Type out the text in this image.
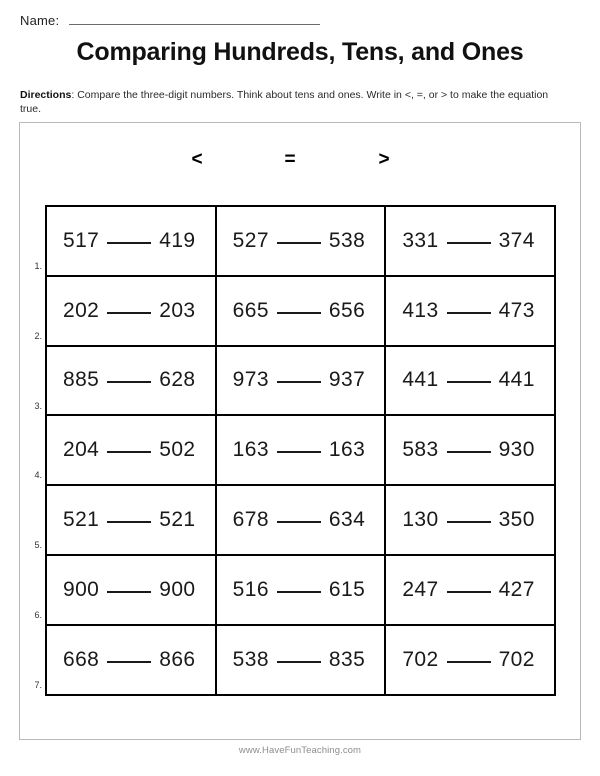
Name:
Comparing Hundreds, Tens, and Ones
Directions: Compare the three-digit numbers. Think about tens and ones. Write in <, =, or > to make the equation true.
<	=	>
1.
2.
3.
4.
5.
6.
7.
517 419	527 538	331 374
202 203	665 656	413 473
885 628	973 937	441 441
204 502	163 163	583 930
521 521	678 634	130 350
900 900	516 615	247 427
668 866	538 835	702 702
www.HaveFunTeaching.com
